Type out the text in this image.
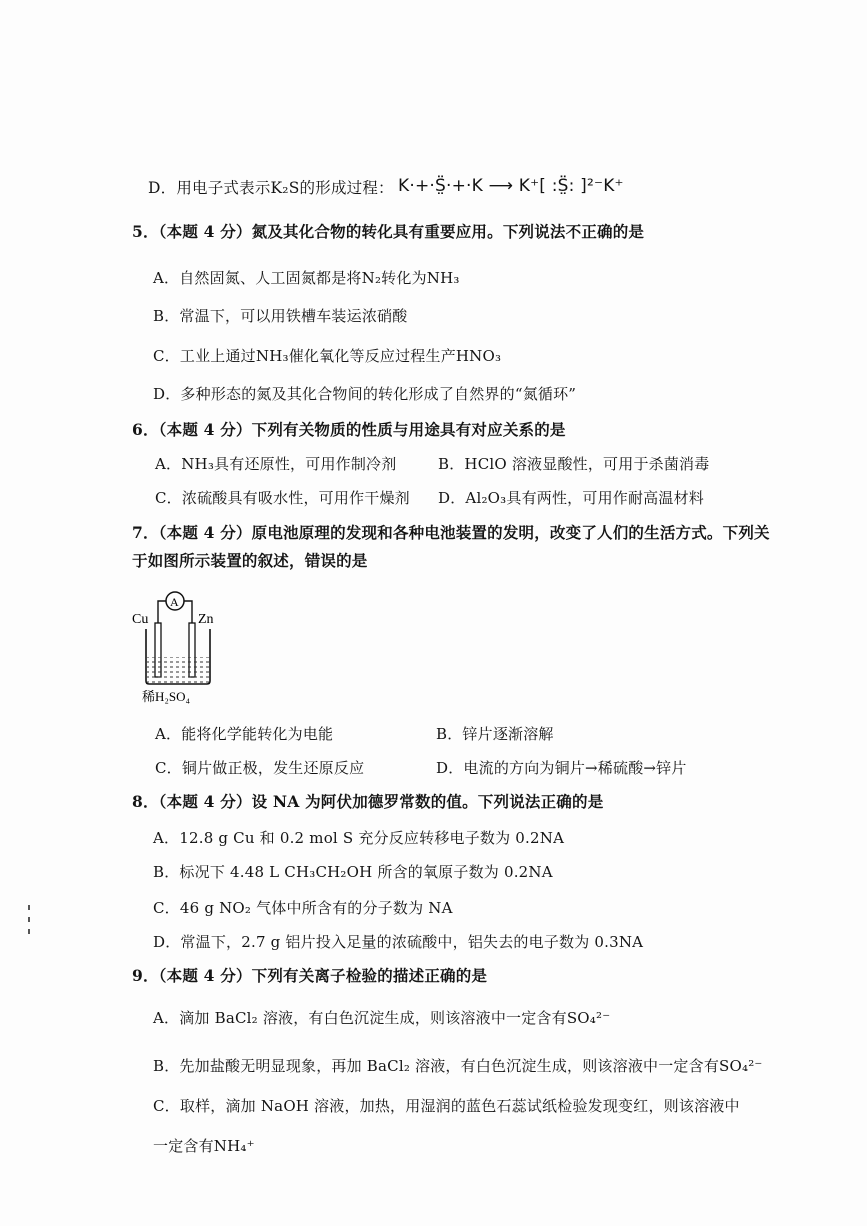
D．用电子式表示K₂S的形成过程： K·+·S̤̈·+·K ⟶ K⁺[ :S̤̈: ]²⁻K⁺
5．（本题 4 分）氮及其化合物的转化具有重要应用。下列说法不正确的是
A．自然固氮、人工固氮都是将N₂转化为NH₃
B．常温下，可以用铁槽车装运浓硝酸
C．工业上通过NH₃催化氧化等反应过程生产HNO₃
D．多种形态的氮及其化合物间的转化形成了自然界的“氮循环”
6．（本题 4 分）下列有关物质的性质与用途具有对应关系的是
A．NH₃具有还原性，可用作制冷剂	B．HClO 溶液显酸性，可用于杀菌消毒
C．浓硫酸具有吸水性，可用作干燥剂 D．Al₂O₃具有两性，可用作耐高温材料
7．（本题 4 分）原电池原理的发现和各种电池装置的发明，改变了人们的生活方式。下列关
于如图所示装置的叙述，错误的是
Cu	Zn
A
稀H₂SO₄
A．能将化学能转化为电能	B．锌片逐渐溶解
C．铜片做正极，发生还原反应	D．电流的方向为铜片→稀硫酸→锌片
8．（本题 4 分）设 NA 为阿伏加德罗常数的值。下列说法正确的是
A．12.8 g Cu 和 0.2 mol S 充分反应转移电子数为 0.2NA
B．标况下 4.48 L CH₃CH₂OH 所含的氧原子数为 0.2NA
C．46 g NO₂ 气体中所含有的分子数为 NA
D．常温下，2.7 g 铝片投入足量的浓硫酸中，铝失去的电子数为 0.3NA
9．（本题 4 分）下列有关离子检验的描述正确的是
A．滴加 BaCl₂ 溶液，有白色沉淀生成，则该溶液中一定含有SO₄²⁻
B．先加盐酸无明显现象，再加 BaCl₂ 溶液，有白色沉淀生成，则该溶液中一定含有SO₄²⁻
C．取样，滴加 NaOH 溶液，加热，用湿润的蓝色石蕊试纸检验发现变红，则该溶液中
一定含有NH₄⁺
